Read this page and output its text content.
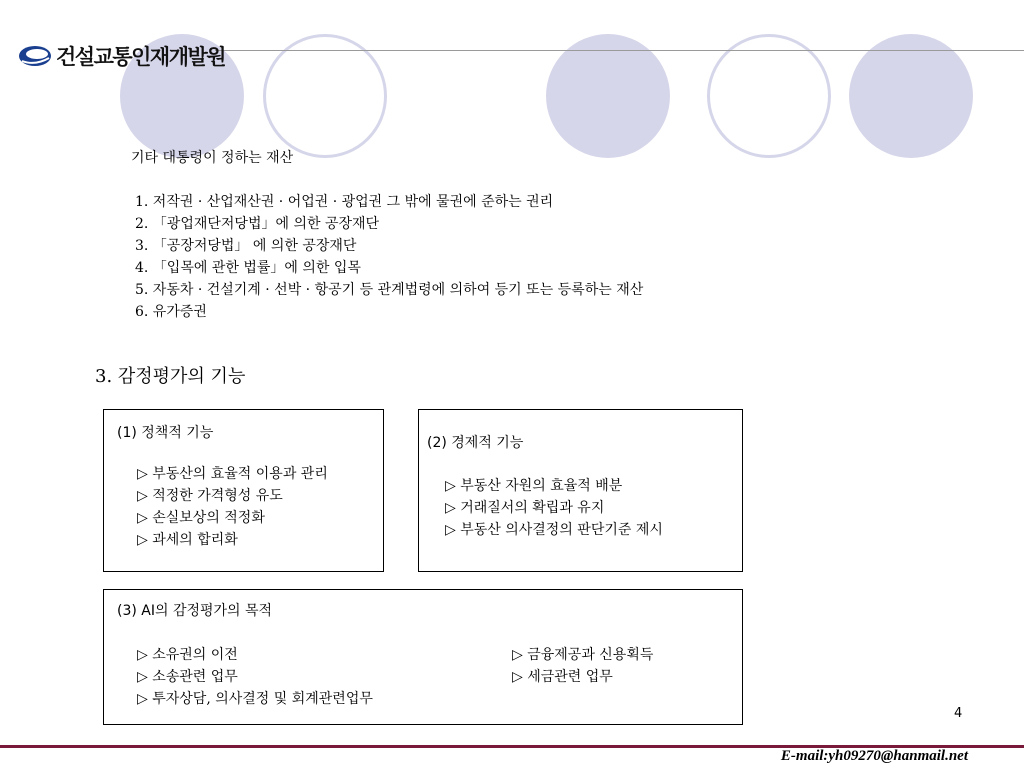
건설교통인재개발원
기타 대통령이 정하는 재산
1. 저작권 · 산업재산권 · 어업권 · 광업권 그 밖에 물권에 준하는 권리
2. 「광업재단저당법」에 의한 공장재단
3. 「공장저당법」 에 의한 공장재단
4. 「입목에 관한 법률」에 의한 입목
5. 자동차 · 건설기계 · 선박 · 항공기 등 관계법령에 의하여 등기 또는 등록하는 재산
6. 유가증권
3. 감정평가의 기능
(1) 정책적 기능
▷ 부동산의 효율적 이용과 관리
▷ 적정한 가격형성 유도
▷ 손실보상의 적정화
▷ 과세의 합리화
(2) 경제적 기능
▷ 부동산 자원의 효율적 배분
▷ 거래질서의 확립과 유지
▷ 부동산 의사결정의 판단기준 제시
(3) AI의 감정평가의 목적
▷ 소유권의 이전
▷ 소송관련 업무
▷ 투자상담, 의사결정 및 회계관련업무
▷ 금융제공과 신용획득
▷ 세금관련 업무
4
E-mail:yh09270@hanmail.net
